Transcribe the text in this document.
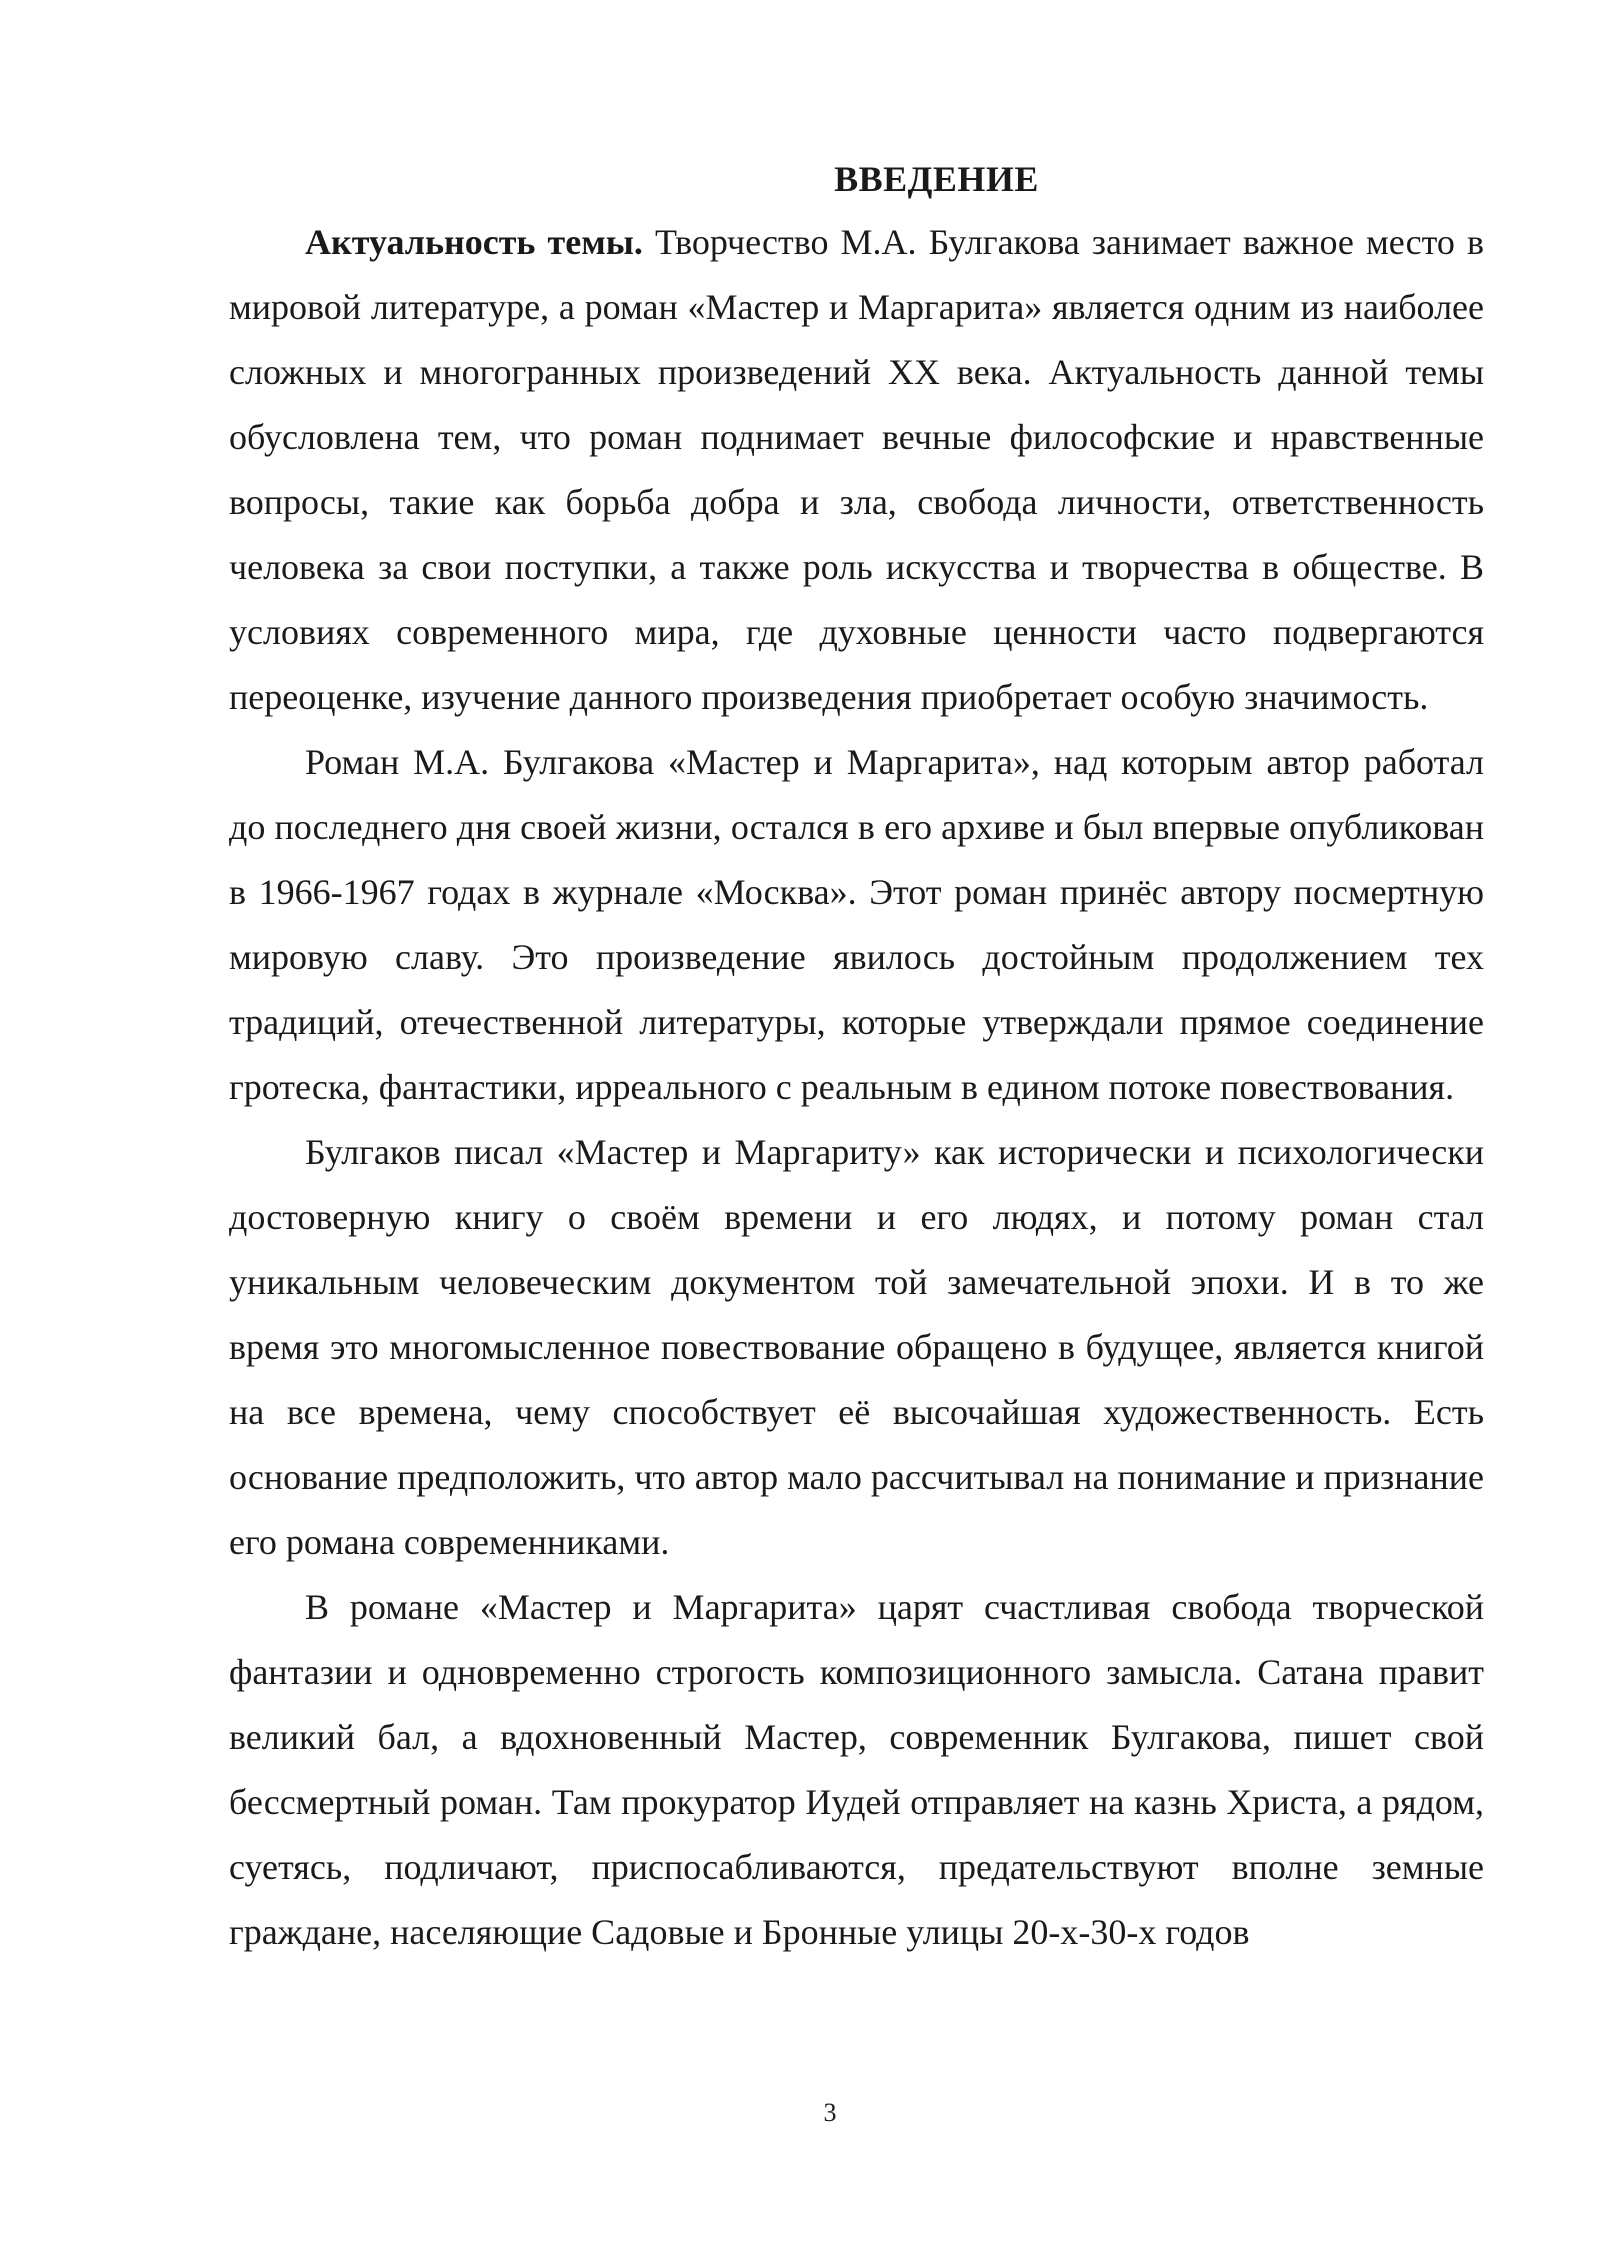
ВВЕДЕНИЕ

Актуальность темы. Творчество М.А. Булгакова занимает важное место в мировой литературе, а роман «Мастер и Маргарита» является одним из наиболее сложных и многогранных произведений XX века. Актуальность данной темы обусловлена тем, что роман поднимает вечные философские и нравственные вопросы, такие как борьба добра и зла, свобода личности, ответственность человека за свои поступки, а также роль искусства и творчества в обществе. В условиях современного мира, где духовные ценности часто подвергаются переоценке, изучение данного произведения приобретает особую значимость.

Роман М.А. Булгакова «Мастер и Маргарита», над которым автор работал до последнего дня своей жизни, остался в его архиве и был впервые опубликован в 1966-1967 годах в журнале «Москва». Этот роман принёс автору посмертную мировую славу. Это произведение явилось достойным продолжением тех традиций, отечественной литературы, которые утверждали прямое соединение гротеска, фантастики, ирреального с реальным в едином потоке повествования.

Булгаков писал «Мастер и Маргариту» как исторически и психологически достоверную книгу о своём времени и его людях, и потому роман стал уникальным человеческим документом той замечательной эпохи. И в то же время это многомысленное повествование обращено в будущее, является книгой на все времена, чему способствует её высочайшая художественность. Есть основание предположить, что автор мало рассчитывал на понимание и признание его романа современниками.

В романе «Мастер и Маргарита» царят счастливая свобода творческой фантазии и одновременно строгость композиционного замысла. Сатана правит великий бал, а вдохновенный Мастер, современник Булгакова, пишет свой бессмертный роман. Там прокуратор Иудей отправляет на казнь Христа, а рядом, суетясь, подличают, приспосабливаются, предательствуют вполне земные граждане, населяющие Садовые и Бронные улицы 20-х-30-х годов

3
